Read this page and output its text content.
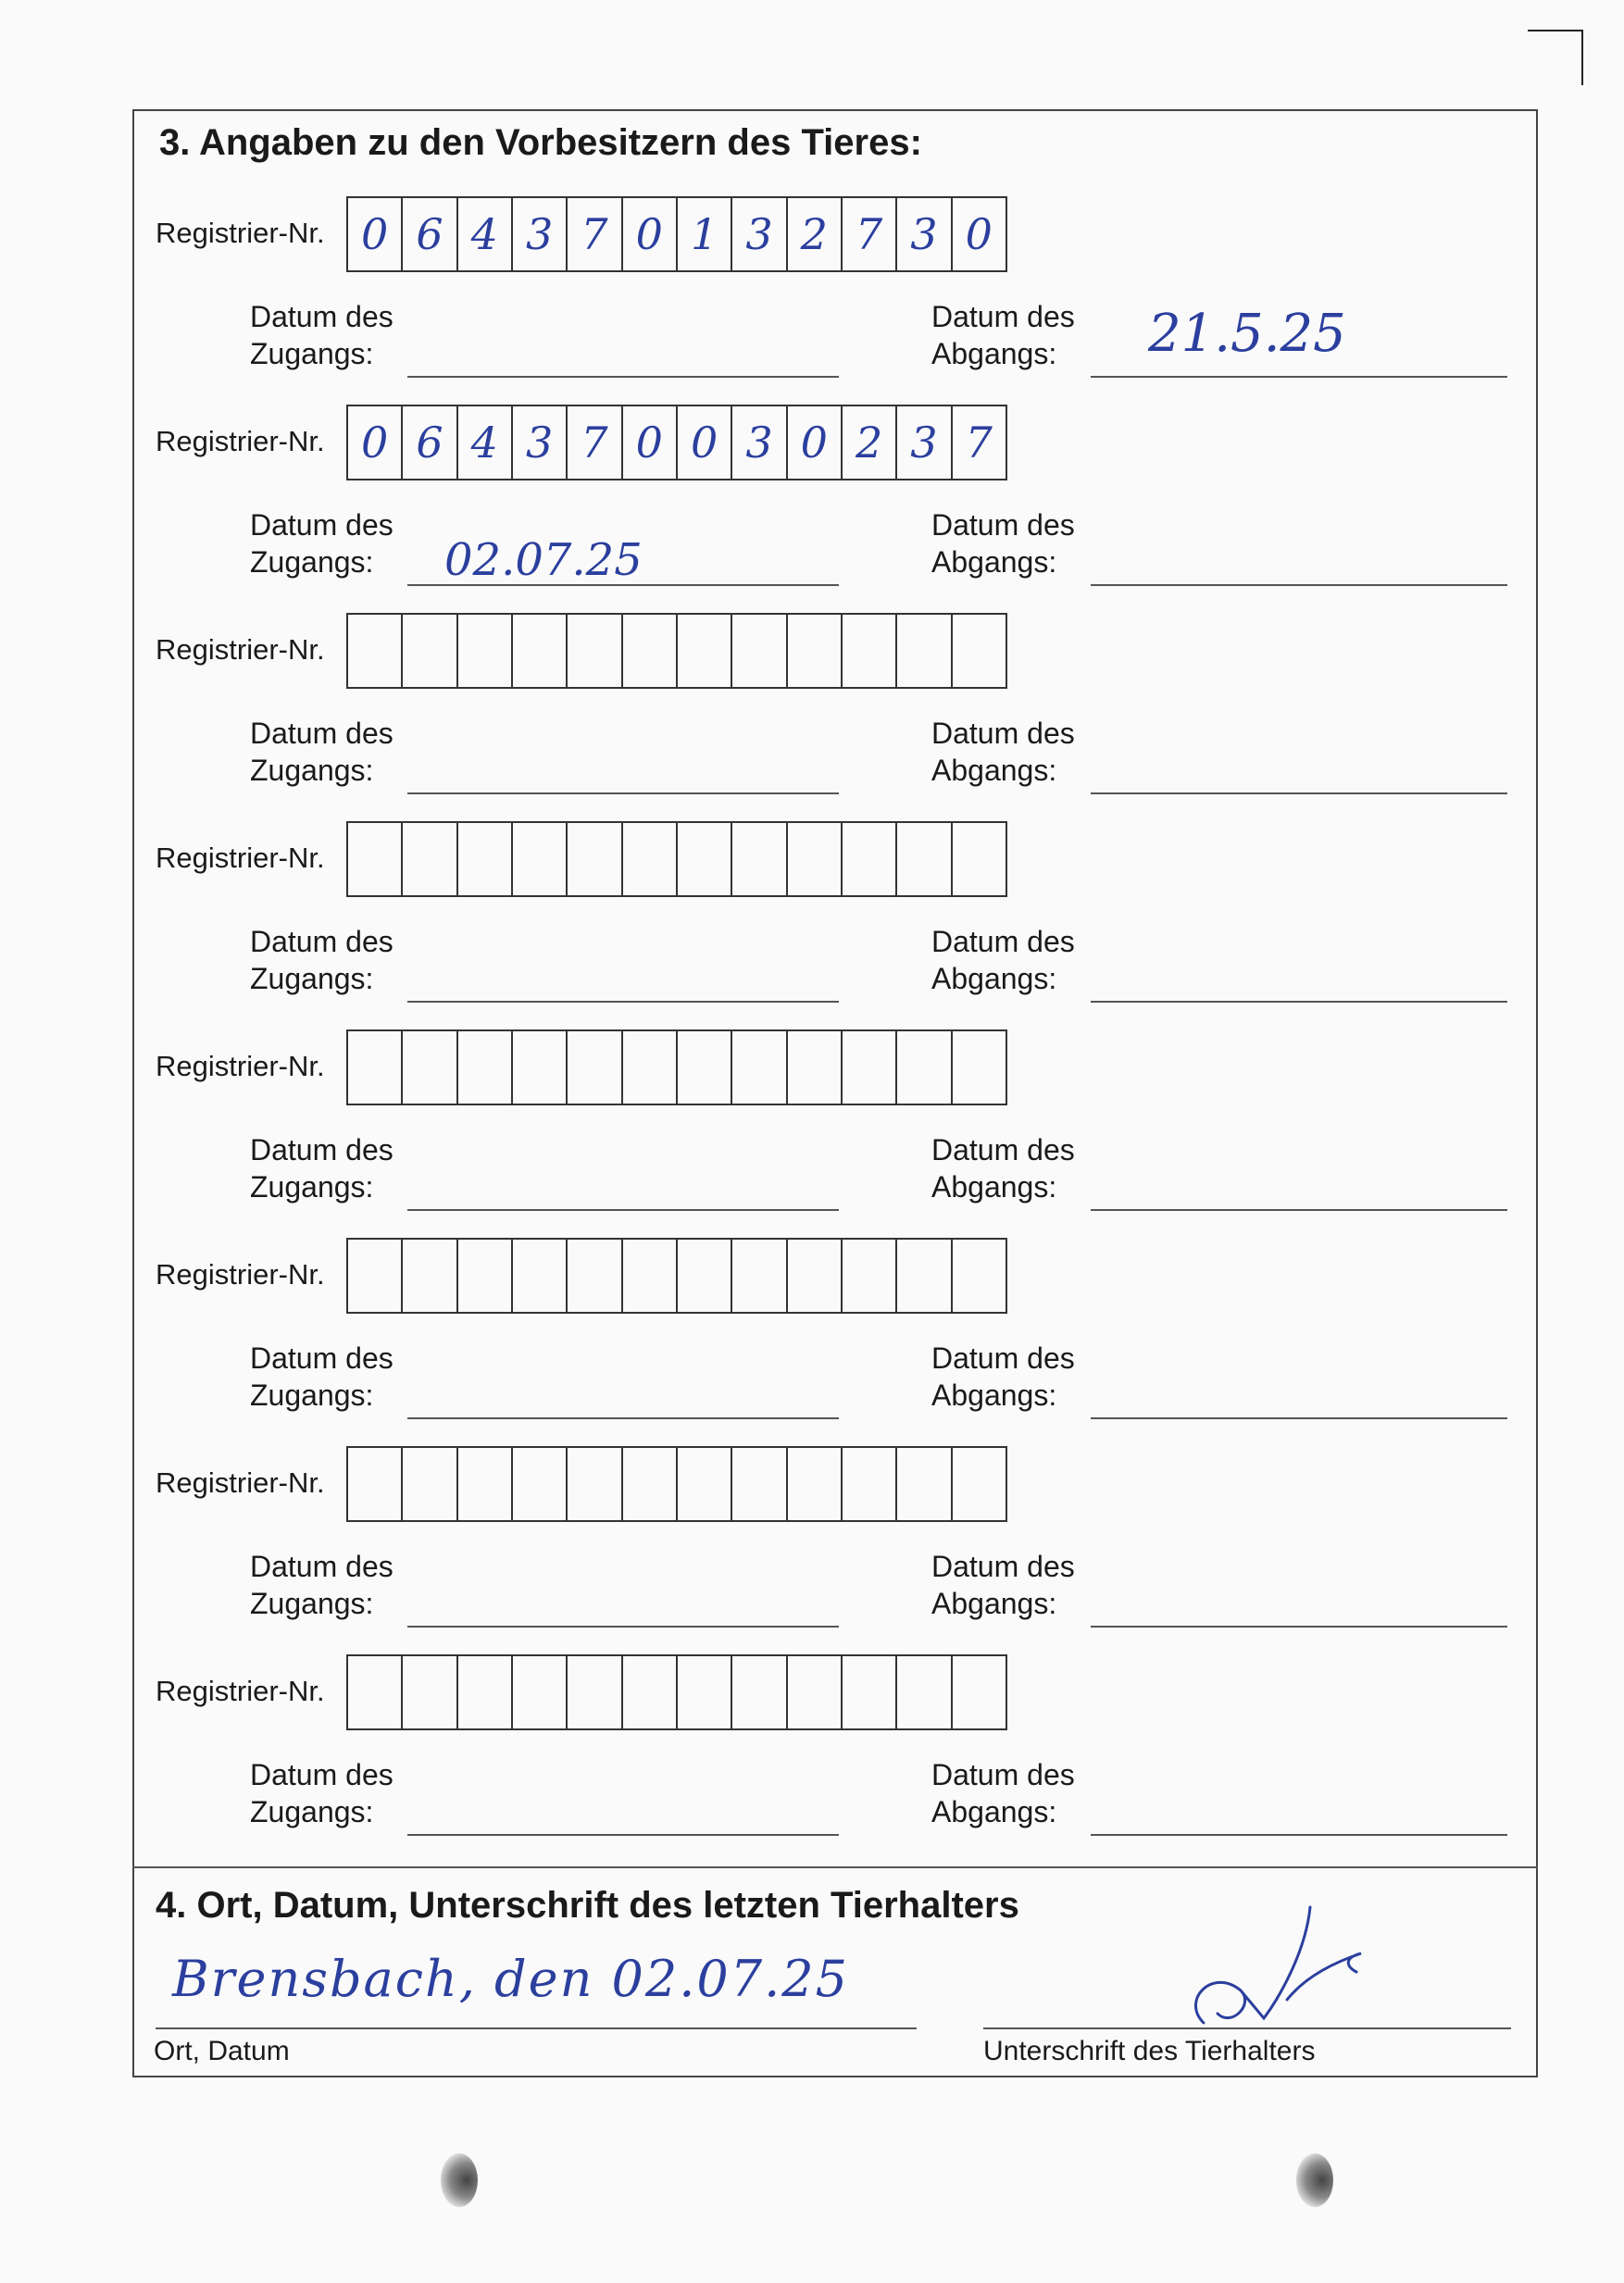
3. Angaben zu den Vorbesitzern des Tieres:
Registrier-Nr. 0 6 4 3 7 0 1 3 2 7 3 0
Datum des
Zugangs:
Datum des
Abgangs: 21.5.25
Registrier-Nr. 0 6 4 3 7 0 0 3 0 2 3 7
Datum des
Zugangs: 02.07.25
Datum des
Abgangs:
Registrier-Nr.
Datum des
Zugangs:
Datum des
Abgangs:
Registrier-Nr.
Datum des
Zugangs:
Datum des
Abgangs:
Registrier-Nr.
Datum des
Zugangs:
Datum des
Abgangs:
Registrier-Nr.
Datum des
Zugangs:
Datum des
Abgangs:
Registrier-Nr.
Datum des
Zugangs:
Datum des
Abgangs:
Registrier-Nr.
Datum des
Zugangs:
Datum des
Abgangs:
4. Ort, Datum, Unterschrift des letzten Tierhalters
Brensbach, den 02.07.25
Ort, Datum	Unterschrift des Tierhalters
